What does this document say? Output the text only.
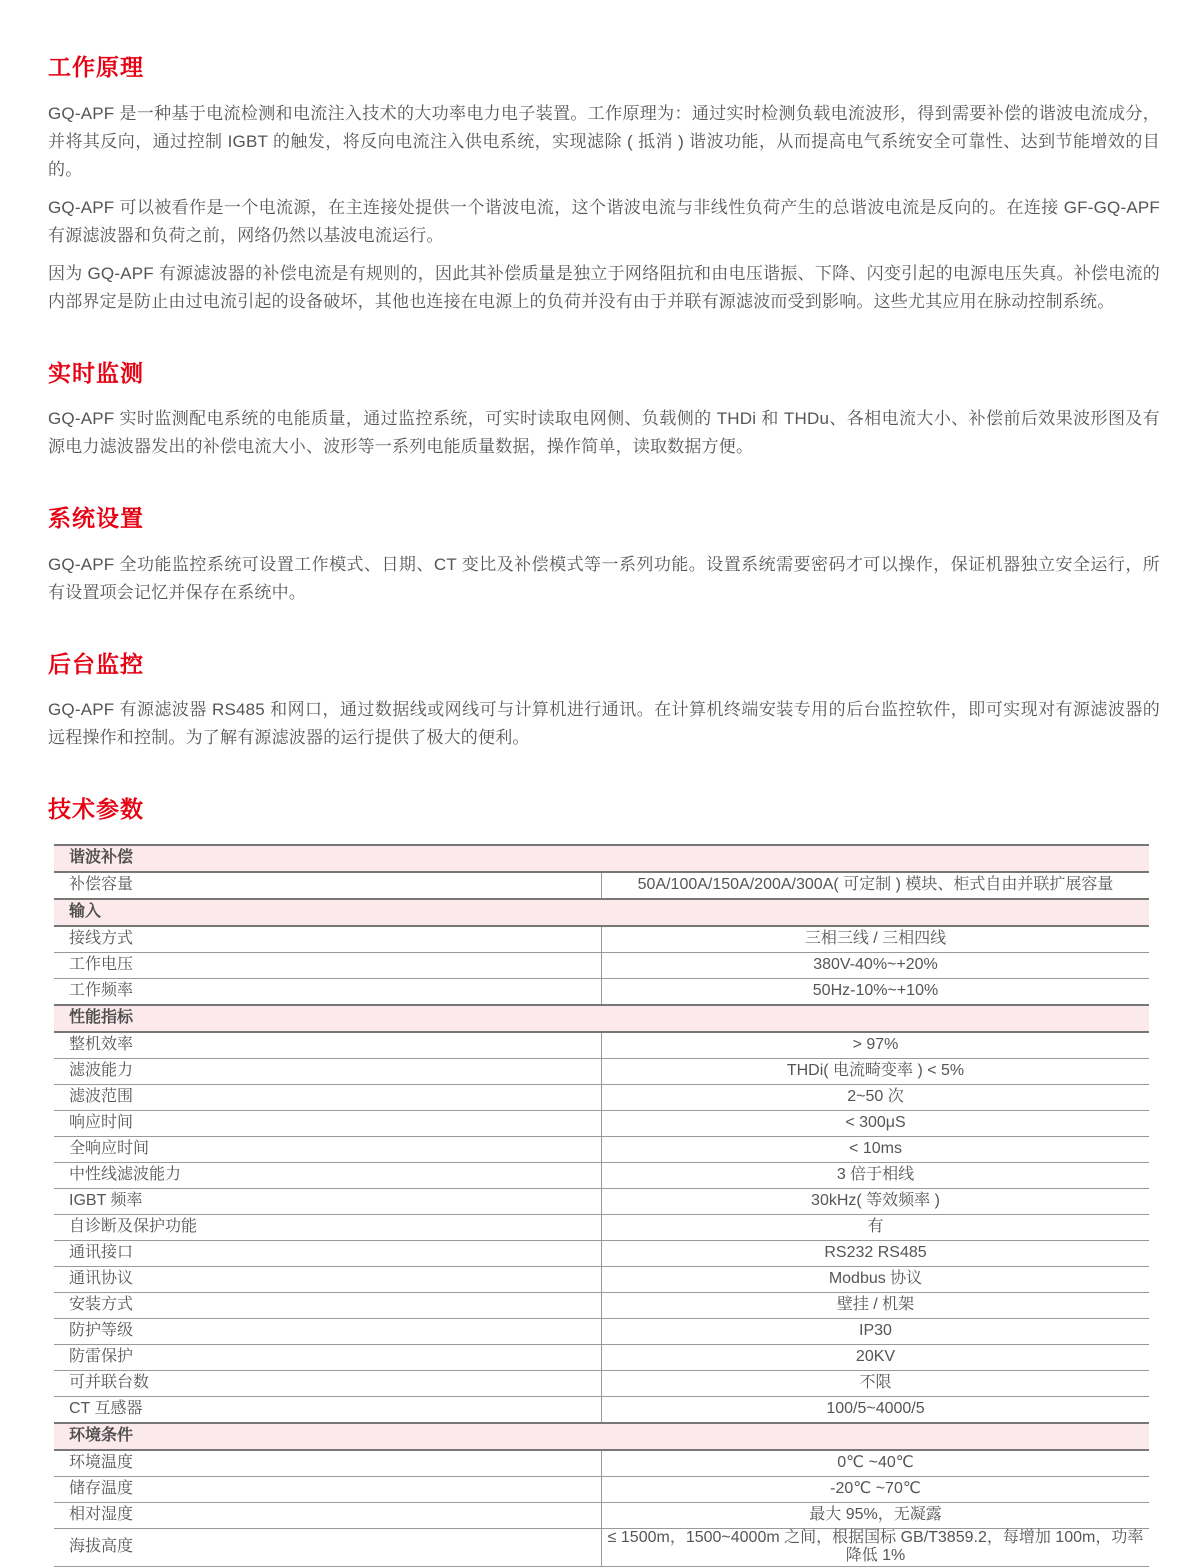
工作原理

GQ-APF 是一种基于电流检测和电流注入技术的大功率电力电子装置。工作原理为：通过实时检测负载电流波形，得到需要补偿的谐波电流成分，并将其反向，通过控制 IGBT 的触发，将反向电流注入供电系统，实现滤除 ( 抵消 ) 谐波功能，从而提高电气系统安全可靠性、达到节能增效的目的。

GQ-APF 可以被看作是一个电流源，在主连接处提供一个谐波电流，这个谐波电流与非线性负荷产生的总谐波电流是反向的。在连接 GF-GQ-APF 有源滤波器和负荷之前，网络仍然以基波电流运行。

因为 GQ-APF 有源滤波器的补偿电流是有规则的，因此其补偿质量是独立于网络阻抗和由电压谐振、下降、闪变引起的电源电压失真。补偿电流的内部界定是防止由过电流引起的设备破坏，其他也连接在电源上的负荷并没有由于并联有源滤波而受到影响。这些尤其应用在脉动控制系统。

实时监测

GQ-APF 实时监测配电系统的电能质量，通过监控系统，可实时读取电网侧、负载侧的 THDi 和 THDu、各相电流大小、补偿前后效果波形图及有源电力滤波器发出的补偿电流大小、波形等一系列电能质量数据，操作简单，读取数据方便。

系统设置

GQ-APF 全功能监控系统可设置工作模式、日期、CT 变比及补偿模式等一系列功能。设置系统需要密码才可以操作，保证机器独立安全运行，所有设置项会记忆并保存在系统中。

后台监控

GQ-APF 有源滤波器 RS485 和网口，通过数据线或网线可与计算机进行通讯。在计算机终端安装专用的后台监控软件，即可实现对有源滤波器的远程操作和控制。为了解有源滤波器的运行提供了极大的便利。

技术参数
谐波补偿	
补偿容量	50A/100A/150A/200A/300A( 可定制 ) 模块、柜式自由并联扩展容量
输入	
接线方式	三相三线 / 三相四线
工作电压	380V-40%~+20%
工作频率	50Hz-10%~+10%
性能指标	
整机效率	> 97%
滤波能力	THDi( 电流畸变率 ) < 5%
滤波范围	2~50 次
响应时间	< 300μS
全响应时间	< 10ms
中性线滤波能力	3 倍于相线
IGBT 频率	30kHz( 等效频率 )
自诊断及保护功能	有
通讯接口	RS232 RS485
通讯协议	Modbus 协议
安装方式	壁挂 / 机架
防护等级	IP30
防雷保护	20KV
可并联台数	不限
CT 互感器	100/5~4000/5
环境条件	
环境温度	0℃ ~40℃
储存温度	-20℃ ~70℃
相对湿度	最大 95%，无凝露
海拔高度	≤ 1500m，1500~4000m 之间，根据国标 GB/T3859.2，每增加 100m，功率降低 1%
